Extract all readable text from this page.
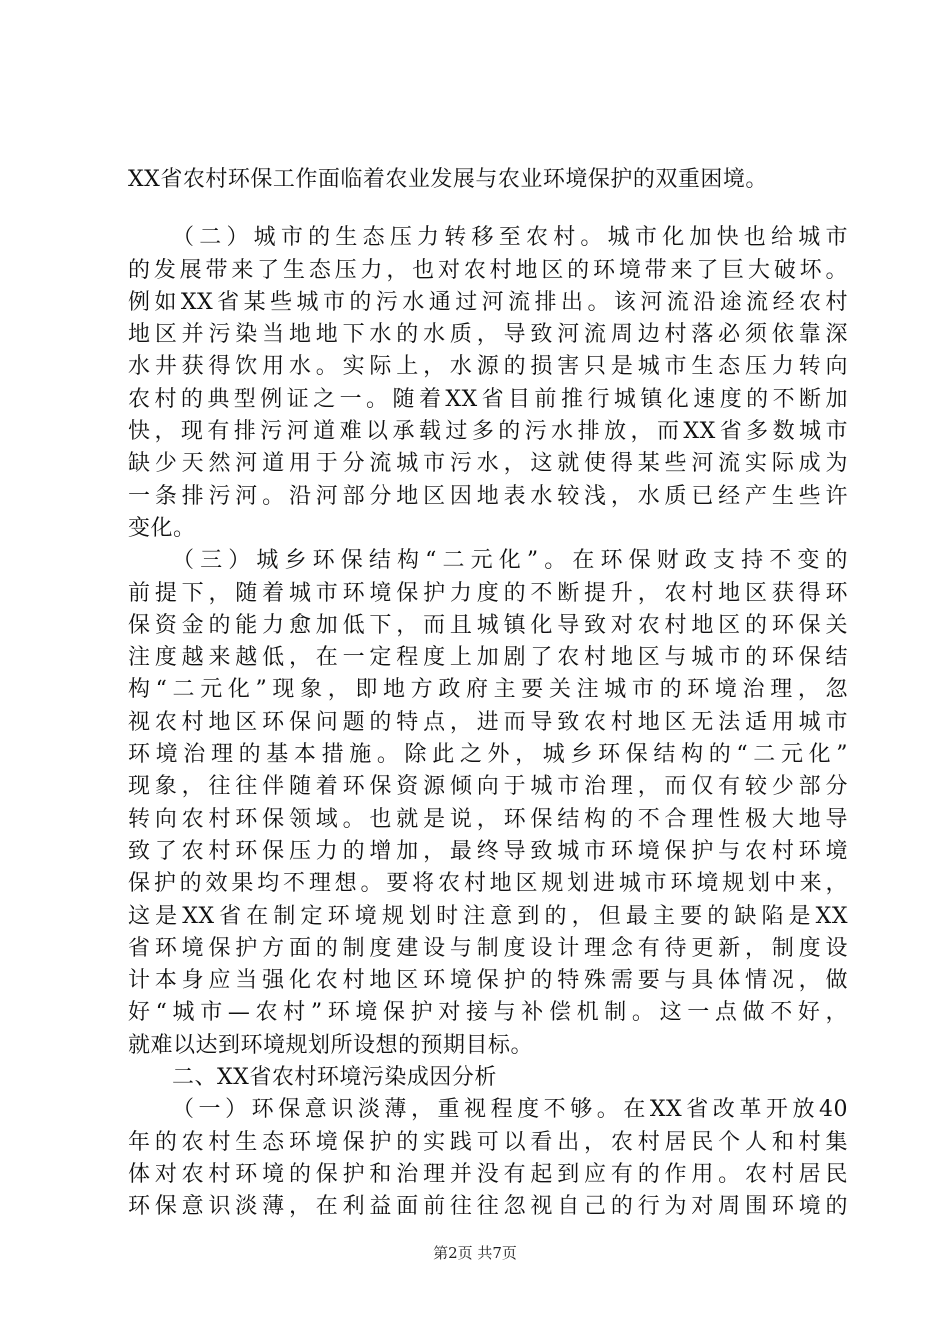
XX省农村环保工作面临着农业发展与农业环境保护的双重困境。
（二）城市的生态压力转移至农村。城市化加快也给城市
的发展带来了生态压力，也对农村地区的环境带来了巨大破坏。
例如XX省某些城市的污水通过河流排出。该河流沿途流经农村
地区并污染当地地下水的水质，导致河流周边村落必须依靠深
水井获得饮用水。实际上，水源的损害只是城市生态压力转向
农村的典型例证之一。随着XX省目前推行城镇化速度的不断加
快，现有排污河道难以承载过多的污水排放，而XX省多数城市
缺少天然河道用于分流城市污水，这就使得某些河流实际成为
一条排污河。沿河部分地区因地表水较浅，水质已经产生些许
变化。
（三）城乡环保结构“二元化”。在环保财政支持不变的
前提下，随着城市环境保护力度的不断提升，农村地区获得环
保资金的能力愈加低下，而且城镇化导致对农村地区的环保关
注度越来越低，在一定程度上加剧了农村地区与城市的环保结
构“二元化”现象，即地方政府主要关注城市的环境治理，忽
视农村地区环保问题的特点，进而导致农村地区无法适用城市
环境治理的基本措施。除此之外，城乡环保结构的“二元化”
现象，往往伴随着环保资源倾向于城市治理，而仅有较少部分
转向农村环保领域。也就是说，环保结构的不合理性极大地导
致了农村环保压力的增加，最终导致城市环境保护与农村环境
保护的效果均不理想。要将农村地区规划进城市环境规划中来，
这是XX省在制定环境规划时注意到的，但最主要的缺陷是XX
省环境保护方面的制度建设与制度设计理念有待更新，制度设
计本身应当强化农村地区环境保护的特殊需要与具体情况，做
好“城市—农村”环境保护对接与补偿机制。这一点做不好，
就难以达到环境规划所设想的预期目标。
二、XX省农村环境污染成因分析
（一）环保意识淡薄，重视程度不够。在XX省改革开放40
年的农村生态环境保护的实践可以看出，农村居民个人和村集
体对农村环境的保护和治理并没有起到应有的作用。农村居民
环保意识淡薄，在利益面前往往忽视自己的行为对周围环境的
第2页 共7页
